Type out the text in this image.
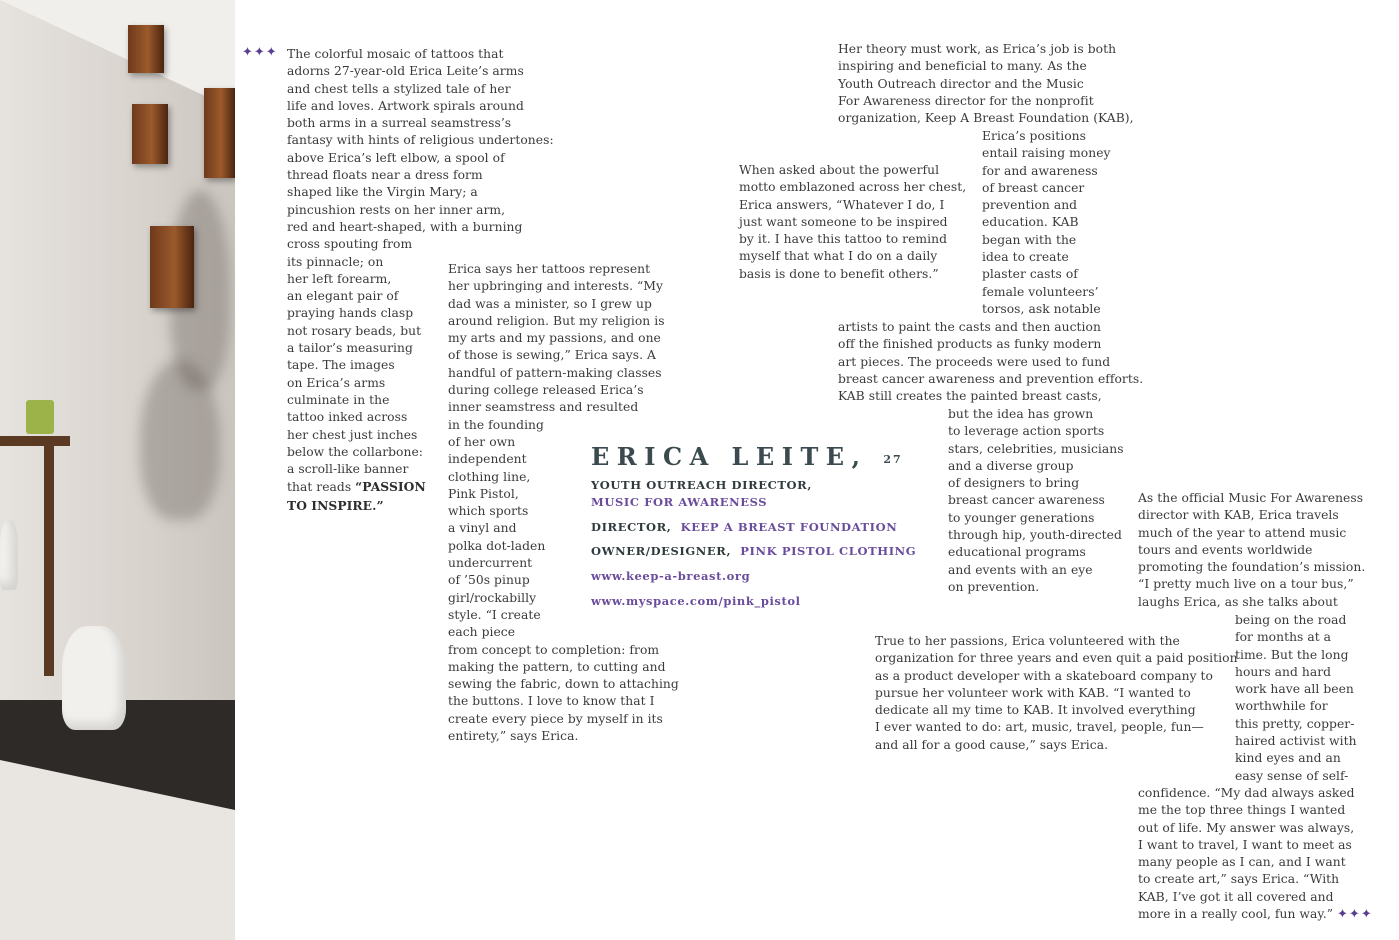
✦✦✦ The colorful mosaic of tattoos that
adorns 27-year-old Erica Leite’s arms
and chest tells a stylized tale of her
life and loves. Artwork spirals around
both arms in a surreal seamstress’s
fantasy with hints of religious undertones:
above Erica’s left elbow, a spool of
thread floats near a dress form
shaped like the Virgin Mary; a
pincushion rests on her inner arm,
red and heart-shaped, with a burning
cross spouting from
its pinnacle; on
her left forearm,
an elegant pair of
praying hands clasp
not rosary beads, but
a tailor’s measuring
tape. The images
on Erica’s arms
culminate in the
tattoo inked across
her chest just inches
below the collarbone:
a scroll-like banner
that reads “PASSION
TO INSPIRE.”

Erica says her tattoos represent
her upbringing and interests. “My
dad was a minister, so I grew up
around religion. But my religion is
my arts and my passions, and one
of those is sewing,” Erica says. A
handful of pattern-making classes
during college released Erica’s
inner seamstress and resulted
in the founding
of her own
independent
clothing line,
Pink Pistol,
which sports
a vinyl and
polka dot-laden
undercurrent
of ’50s pinup
girl/rockabilly
style. “I create
each piece
from concept to completion: from
making the pattern, to cutting and
sewing the fabric, down to attaching
the buttons. I love to know that I
create every piece by myself in its
entirety,” says Erica.

When asked about the powerful
motto emblazoned across her chest,
Erica answers, “Whatever I do, I
just want someone to be inspired
by it. I have this tattoo to remind
myself that what I do on a daily
basis is done to benefit others.”

Her theory must work, as Erica’s job is both
inspiring and beneficial to many. As the
Youth Outreach director and the Music
For Awareness director for the nonprofit
organization, Keep A Breast Foundation (KAB),

Erica’s positions
entail raising money
for and awareness
of breast cancer
prevention and
education. KAB
began with the
idea to create
plaster casts of
female volunteers’
torsos, ask notable

artists to paint the casts and then auction
off the finished products as funky modern
art pieces. The proceeds were used to fund
breast cancer awareness and prevention efforts.
KAB still creates the painted breast casts,

but the idea has grown
to leverage action sports
stars, celebrities, musicians
and a diverse group
of designers to bring
breast cancer awareness
to younger generations
through hip, youth-directed
educational programs
and events with an eye
on prevention.

True to her passions, Erica volunteered with the
organization for three years and even quit a paid position
as a product developer with a skateboard company to
pursue her volunteer work with KAB. “I wanted to
dedicate all my time to KAB. It involved everything
I ever wanted to do: art, music, travel, people, fun—
and all for a good cause,” says Erica.

As the official Music For Awareness
director with KAB, Erica travels
much of the year to attend music
tours and events worldwide
promoting the foundation’s mission.
“I pretty much live on a tour bus,”
laughs Erica, as she talks about

being on the road
for months at a
time. But the long
hours and hard
work have all been
worthwhile for
this pretty, copper-
haired activist with
kind eyes and an
easy sense of self-

confidence. “My dad always asked
me the top three things I wanted
out of life. My answer was always,
I want to travel, I want to meet as
many people as I can, and I want
to create art,” says Erica. “With
KAB, I’ve got it all covered and
more in a really cool, fun way.” ✦✦✦

ERICA LEITE, 27

YOUTH OUTREACH DIRECTOR,

MUSIC FOR AWARENESS

DIRECTOR, KEEP A BREAST FOUNDATION

OWNER/DESIGNER, PINK PISTOL CLOTHING

www.keep-a-breast.org

www.myspace.com/pink_pistol
